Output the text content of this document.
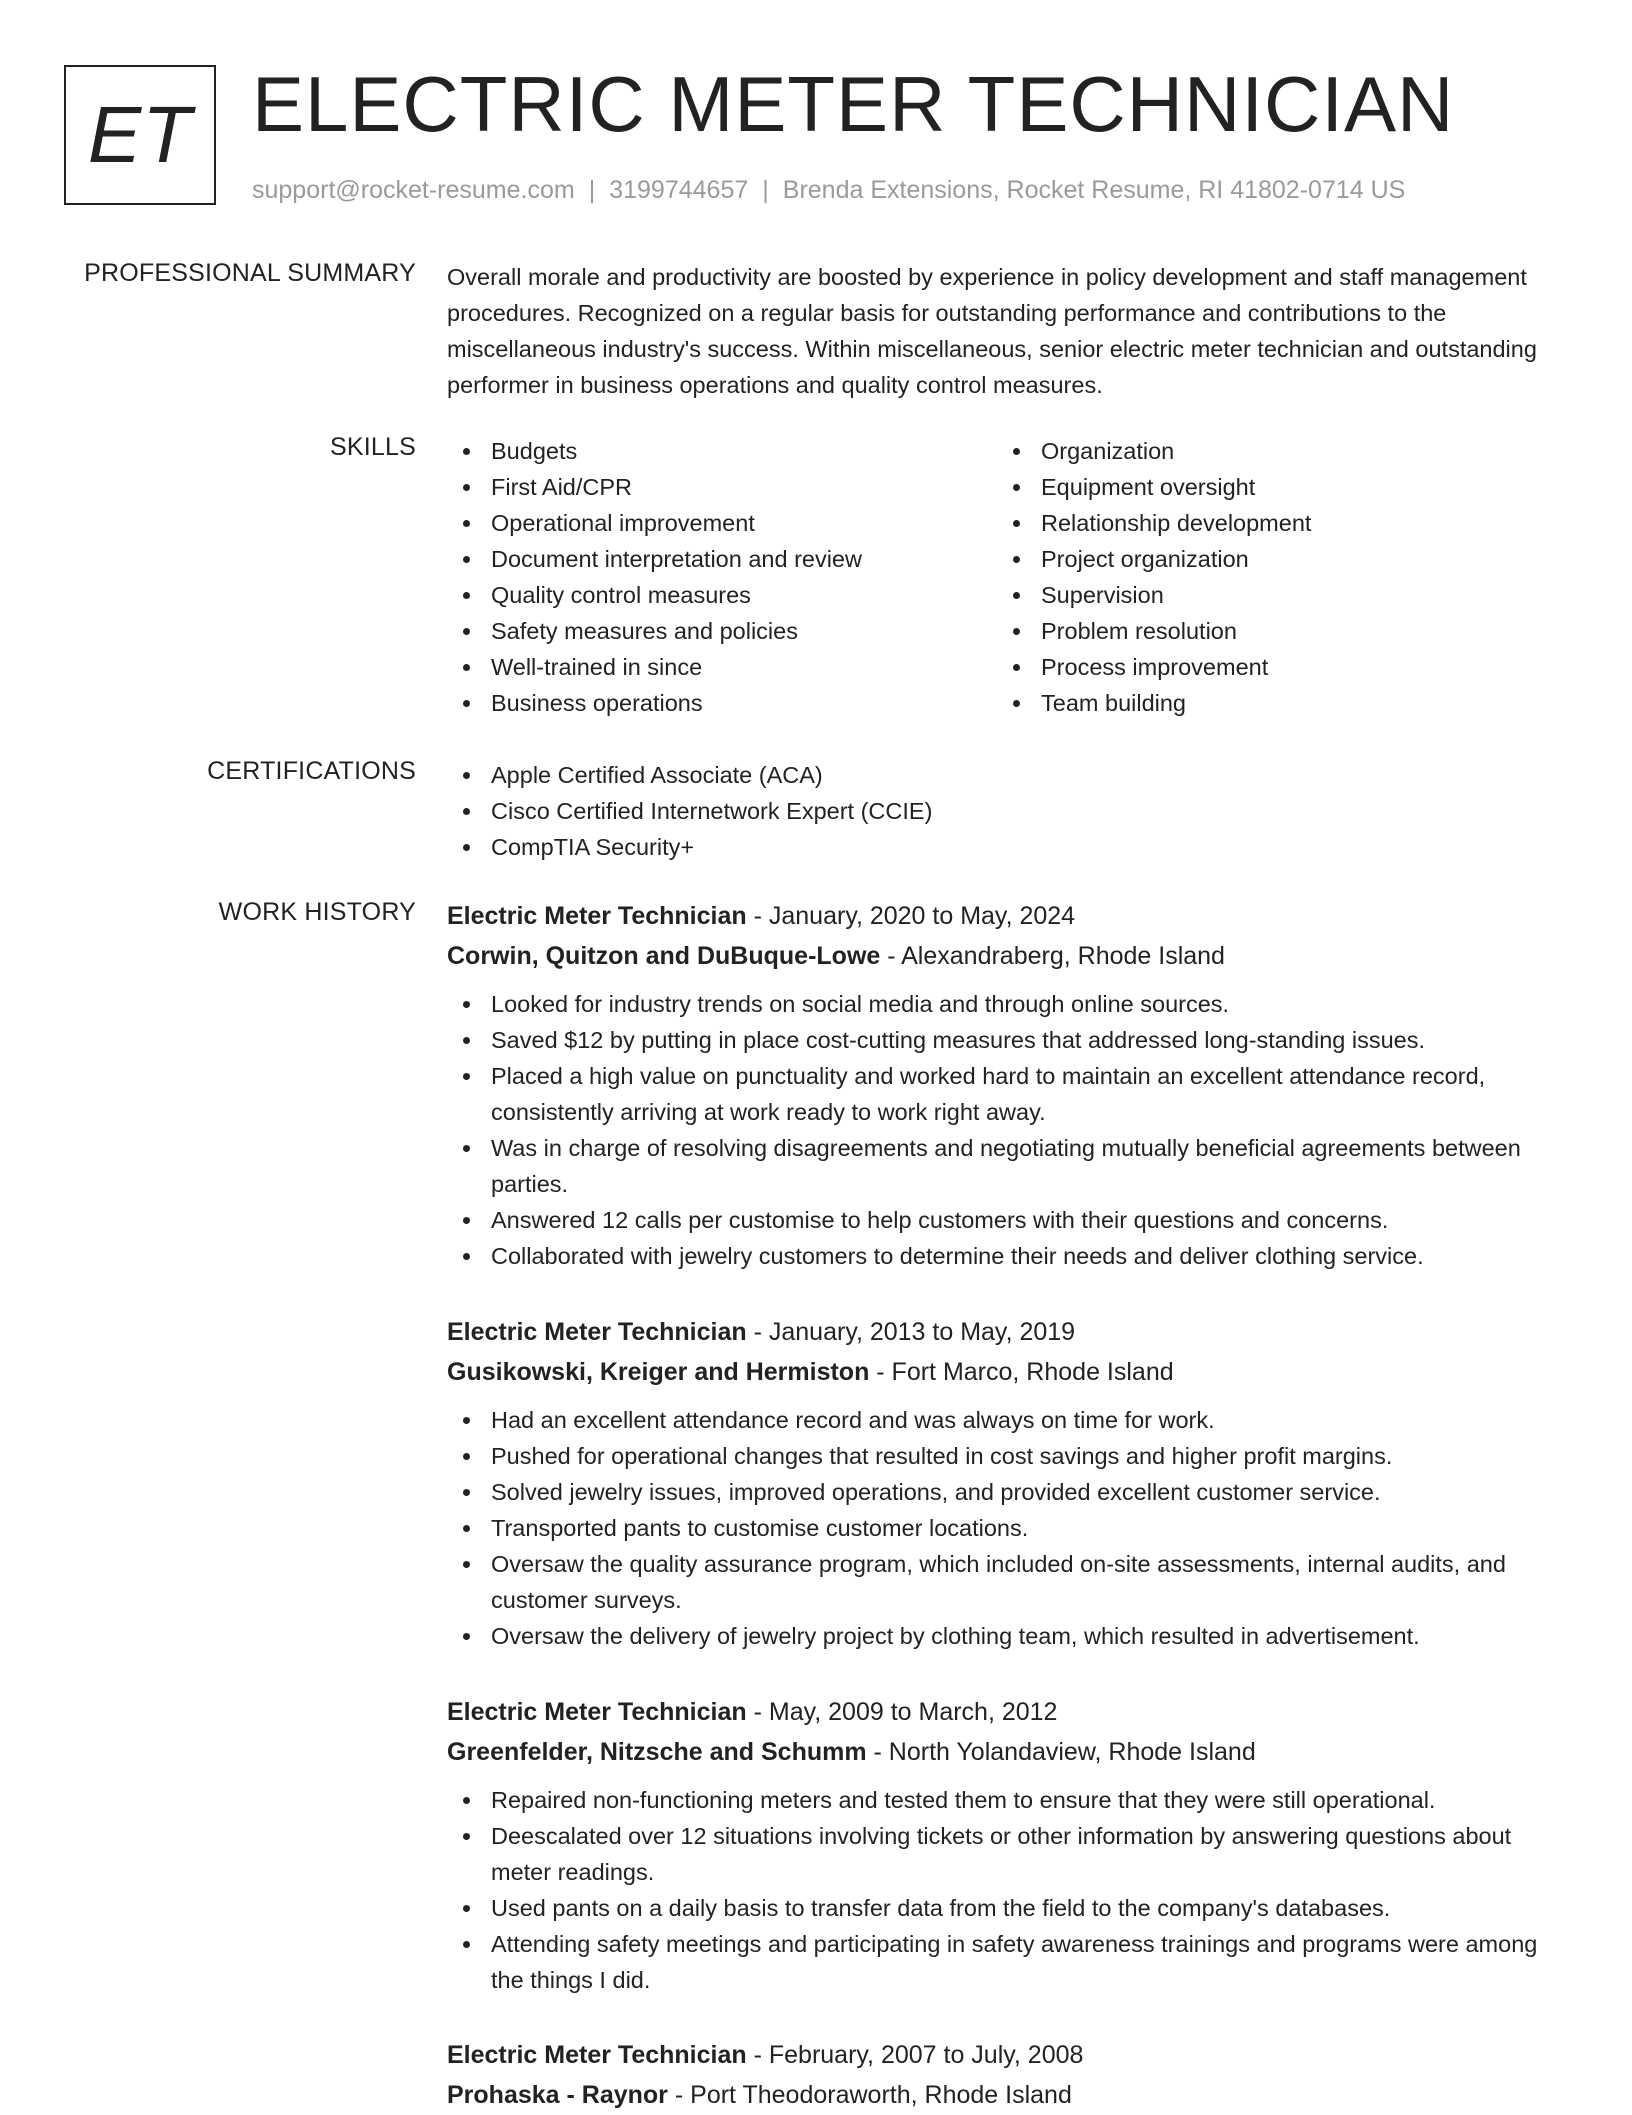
ET ELECTRIC METER TECHNICIAN
support@rocket-resume.com | 3199744657 | Brenda Extensions, Rocket Resume, RI 41802-0714 US
PROFESSIONAL SUMMARY Overall morale and productivity are boosted by experience in policy development and staff management procedures. Recognized on a regular basis for outstanding performance and contributions to the miscellaneous industry's success. Within miscellaneous, senior electric meter technician and outstanding performer in business operations and quality control measures.
SKILLS	Budgets
First Aid/CPR
Operational improvement
Document interpretation and review
Quality control measures
Safety measures and policies
Well-trained in since
Business operations
Organization
Equipment oversight
Relationship development
Project organization
Supervision
Problem resolution
Process improvement
Team building
CERTIFICATIONS	Apple Certified Associate (ACA)
Cisco Certified Internetwork Expert (CCIE)
CompTIA Security+
WORK HISTORY Electric Meter Technician - January, 2020 to May, 2024
Corwin, Quitzon and DuBuque-Lowe - Alexandraberg, Rhode Island
Looked for industry trends on social media and through online sources.
Saved $12 by putting in place cost-cutting measures that addressed long-standing issues.
Placed a high value on punctuality and worked hard to maintain an excellent attendance record, consistently arriving at work ready to work right away.
Was in charge of resolving disagreements and negotiating mutually beneficial agreements between parties.
Answered 12 calls per customise to help customers with their questions and concerns.
Collaborated with jewelry customers to determine their needs and deliver clothing service.
Electric Meter Technician - January, 2013 to May, 2019
Gusikowski, Kreiger and Hermiston - Fort Marco, Rhode Island
Had an excellent attendance record and was always on time for work.
Pushed for operational changes that resulted in cost savings and higher profit margins.
Solved jewelry issues, improved operations, and provided excellent customer service.
Transported pants to customise customer locations.
Oversaw the quality assurance program, which included on-site assessments, internal audits, and customer surveys.
Oversaw the delivery of jewelry project by clothing team, which resulted in advertisement.
Electric Meter Technician - May, 2009 to March, 2012
Greenfelder, Nitzsche and Schumm - North Yolandaview, Rhode Island
Repaired non-functioning meters and tested them to ensure that they were still operational.
Deescalated over 12 situations involving tickets or other information by answering questions about meter readings.
Used pants on a daily basis to transfer data from the field to the company's databases.
Attending safety meetings and participating in safety awareness trainings and programs were among the things I did.
Electric Meter Technician - February, 2007 to July, 2008
Prohaska - Raynor - Port Theodoraworth, Rhode Island
